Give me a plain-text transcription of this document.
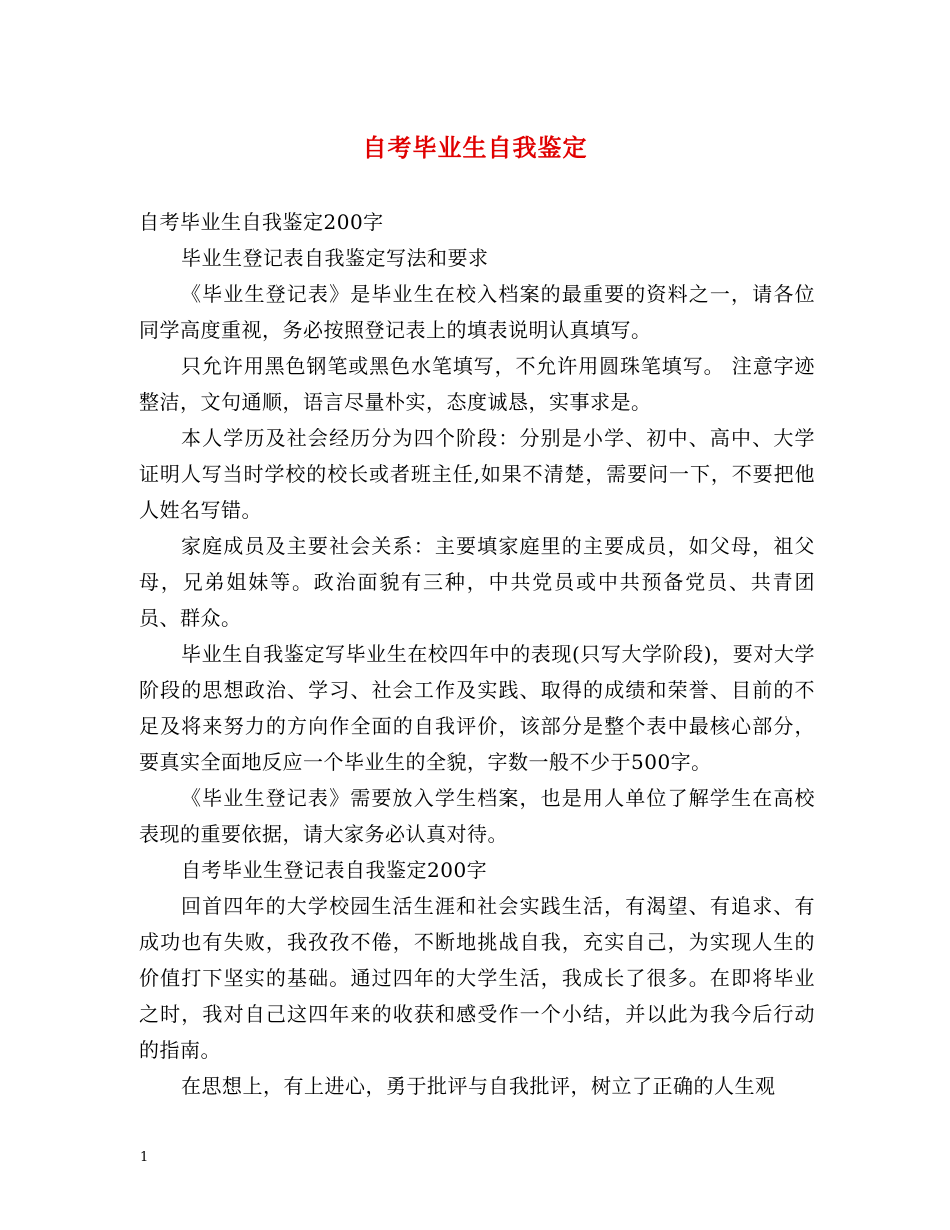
自考毕业生自我鉴定

自考毕业生自我鉴定200字

毕业生登记表自我鉴定写法和要求

《毕业生登记表》是毕业生在校入档案的最重要的资料之一，请各位同学高度重视，务必按照登记表上的填表说明认真填写。

只允许用黑色钢笔或黑色水笔填写，不允许用圆珠笔填写。 注意字迹整洁，文句通顺，语言尽量朴实，态度诚恳，实事求是。

本人学历及社会经历分为四个阶段：分别是小学、初中、高中、大学证明人写当时学校的校长或者班主任,如果不清楚，需要问一下，不要把他人姓名写错。

家庭成员及主要社会关系：主要填家庭里的主要成员，如父母，祖父母，兄弟姐妹等。政治面貌有三种，中共党员或中共预备党员、共青团员、群众。

毕业生自我鉴定写毕业生在校四年中的表现(只写大学阶段)，要对大学阶段的思想政治、学习、社会工作及实践、取得的成绩和荣誉、目前的不足及将来努力的方向作全面的自我评价，该部分是整个表中最核心部分，要真实全面地反应一个毕业生的全貌，字数一般不少于500字。

《毕业生登记表》需要放入学生档案，也是用人单位了解学生在高校表现的重要依据，请大家务必认真对待。

自考毕业生登记表自我鉴定200字

回首四年的大学校园生活生涯和社会实践生活，有渴望、有追求、有成功也有失败，我孜孜不倦，不断地挑战自我，充实自己，为实现人生的价值打下坚实的基础。通过四年的大学生活，我成长了很多。在即将毕业之时，我对自己这四年来的收获和感受作一个小结，并以此为我今后行动的指南。

在思想上，有上进心，勇于批评与自我批评，树立了正确的人生观

1
